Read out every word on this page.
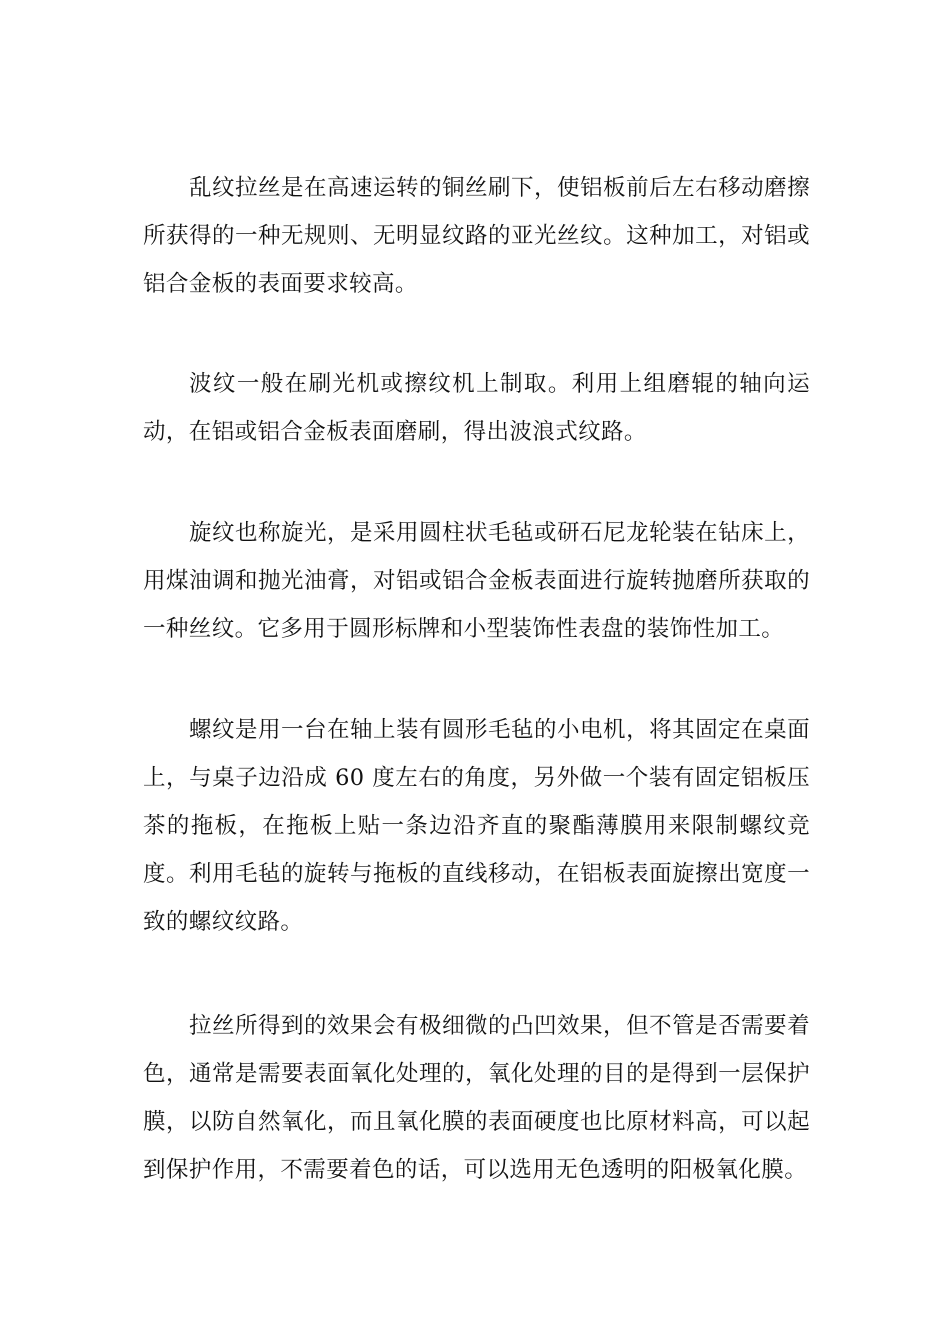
乱纹拉丝是在高速运转的铜丝刷下，使铝板前后左右移动磨擦所获得的一种无规则、无明显纹路的亚光丝纹。这种加工，对铝或铝合金板的表面要求较高。

波纹一般在刷光机或擦纹机上制取。利用上组磨辊的轴向运动，在铝或铝合金板表面磨刷，得出波浪式纹路。

旋纹也称旋光，是采用圆柱状毛毡或研石尼龙轮装在钻床上，用煤油调和抛光油膏，对铝或铝合金板表面进行旋转抛磨所获取的一种丝纹。它多用于圆形标牌和小型装饰性表盘的装饰性加工。

螺纹是用一台在轴上装有圆形毛毡的小电机，将其固定在桌面上，与桌子边沿成 60 度左右的角度，另外做一个装有固定铝板压茶的拖板，在拖板上贴一条边沿齐直的聚酯薄膜用来限制螺纹竞度。利用毛毡的旋转与拖板的直线移动，在铝板表面旋擦出宽度一致的螺纹纹路。

拉丝所得到的效果会有极细微的凸凹效果，但不管是否需要着色，通常是需要表面氧化处理的，氧化处理的目的是得到一层保护膜，以防自然氧化，而且氧化膜的表面硬度也比原材料高，可以起到保护作用，不需要着色的话，可以选用无色透明的阳极氧化膜。
